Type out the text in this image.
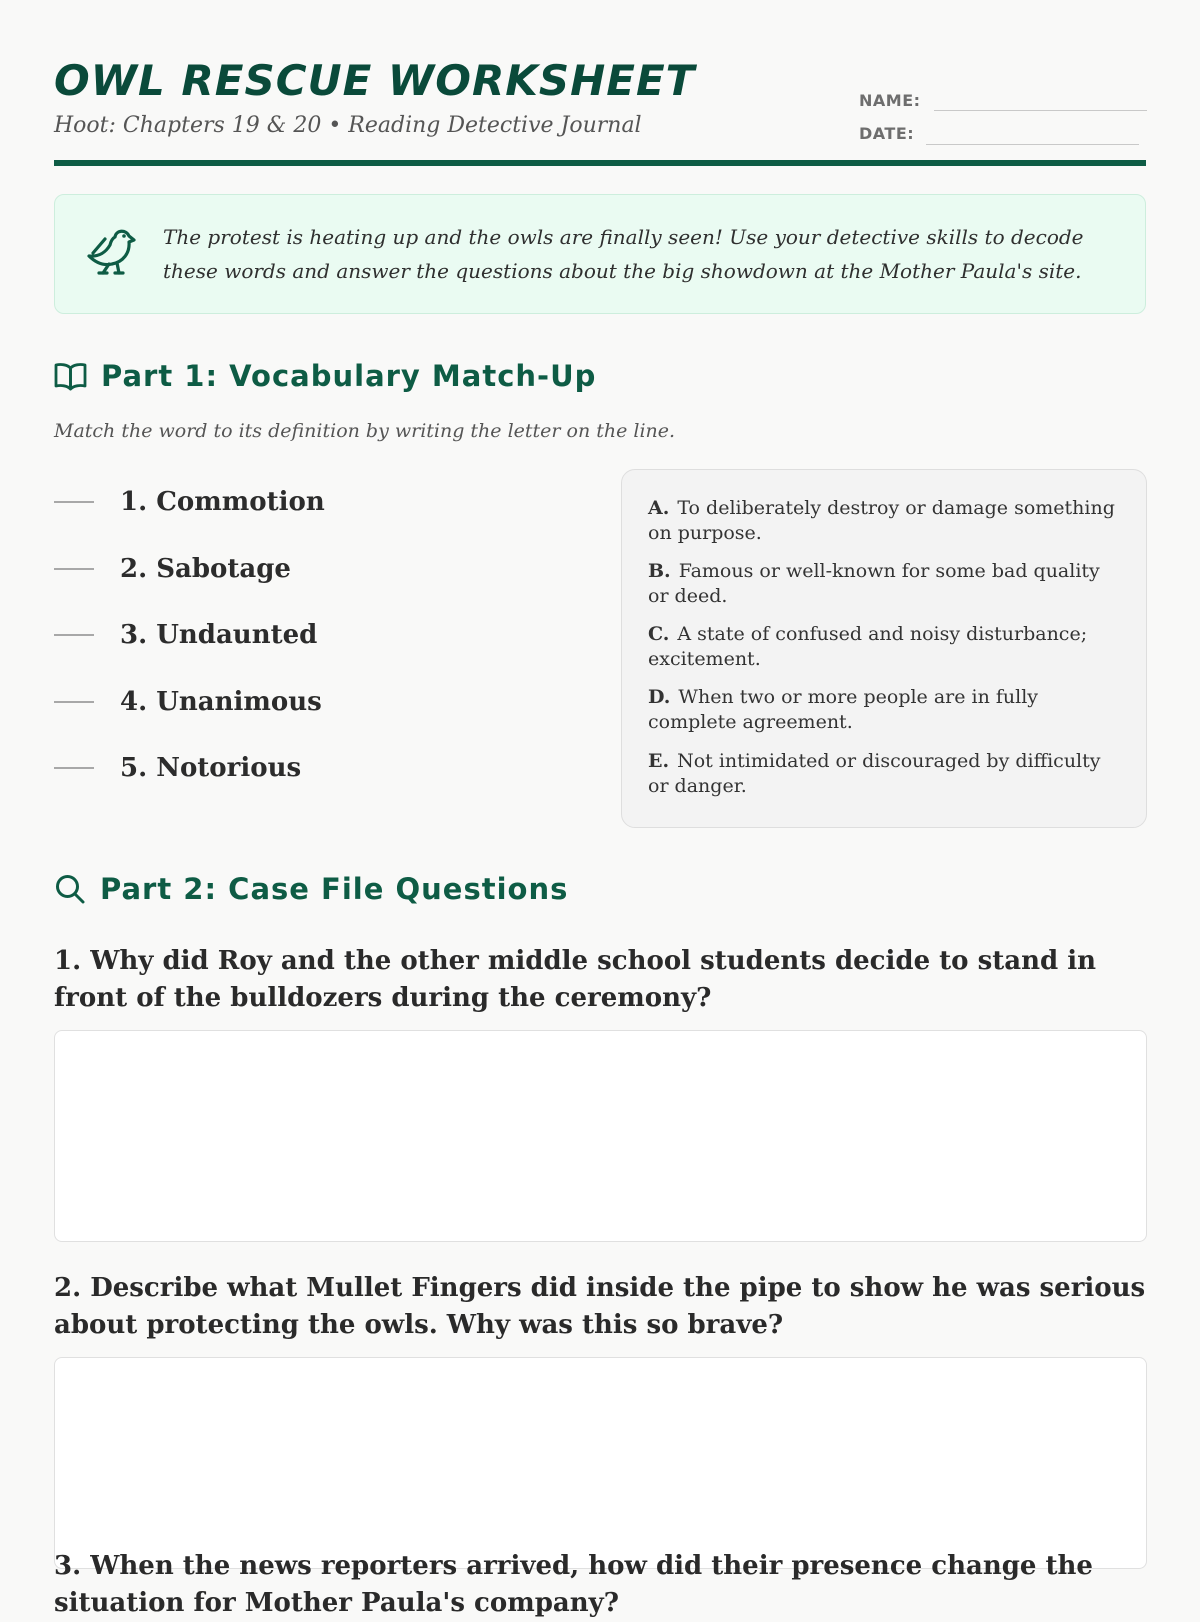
OWL RESCUE WORKSHEET
Hoot: Chapters 19 & 20 • Reading Detective Journal
NAME:
DATE:
The protest is heating up and the owls are finally seen! Use your detective skills to decode these words and answer the questions about the big showdown at the Mother Paula's site.
Part 1: Vocabulary Match-Up
Match the word to its definition by writing the letter on the line.
1. Commotion
2. Sabotage
3. Undaunted
4. Unanimous
5. Notorious
A. To deliberately destroy or damage something on purpose.
B. Famous or well-known for some bad quality or deed.
C. A state of confused and noisy disturbance; excitement.
D. When two or more people are in fully complete agreement.
E. Not intimidated or discouraged by difficulty or danger.
Part 2: Case File Questions
1. Why did Roy and the other middle school students decide to stand in front of the bulldozers during the ceremony?
2. Describe what Mullet Fingers did inside the pipe to show he was serious about protecting the owls. Why was this so brave?
3. When the news reporters arrived, how did their presence change the situation for Mother Paula's company?
